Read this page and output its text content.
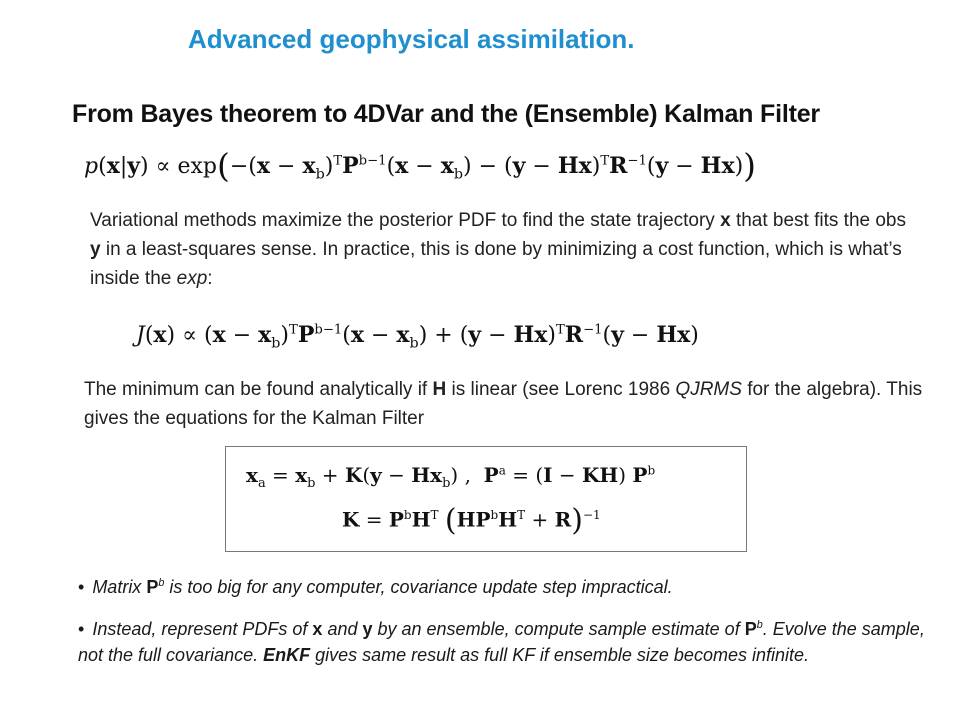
Advanced geophysical assimilation.
From Bayes theorem to 4DVar and the (Ensemble) Kalman Filter
$p(x|y) \propto \exp(-(x - x_b)^TP^{b-1}(x - x_b) - (y - Hx)^TR^{-1}(y - Hx))$
Variational methods maximize the posterior PDF to find the state trajectory x that best fits the obs y in a least-squares sense. In practice, this is done by minimizing a cost function, which is what’s inside the exp:
$J(x) \propto (x - x_b)^TP^{b-1}(x - x_b) + (y - Hx)^TR^{-1}(y - Hx)$
The minimum can be found analytically if H is linear (see Lorenc 1986 QJRMS for the algebra). This gives the equations for the Kalman Filter
$x_a = x_b + K(y - Hx_b)$ ,  $P^a = (I - KH)$ $P^b$
$K = P^bH^T$ $(HP^bH^T + R)^{-1}$
• Matrix $P^b$ is too big for any computer, covariance update step impractical.
• Instead, represent PDFs of x and y by an ensemble, compute sample estimate of $P^b$. Evolve the sample, not the full covariance. EnKF gives same result as full KF if ensemble size becomes infinite.
